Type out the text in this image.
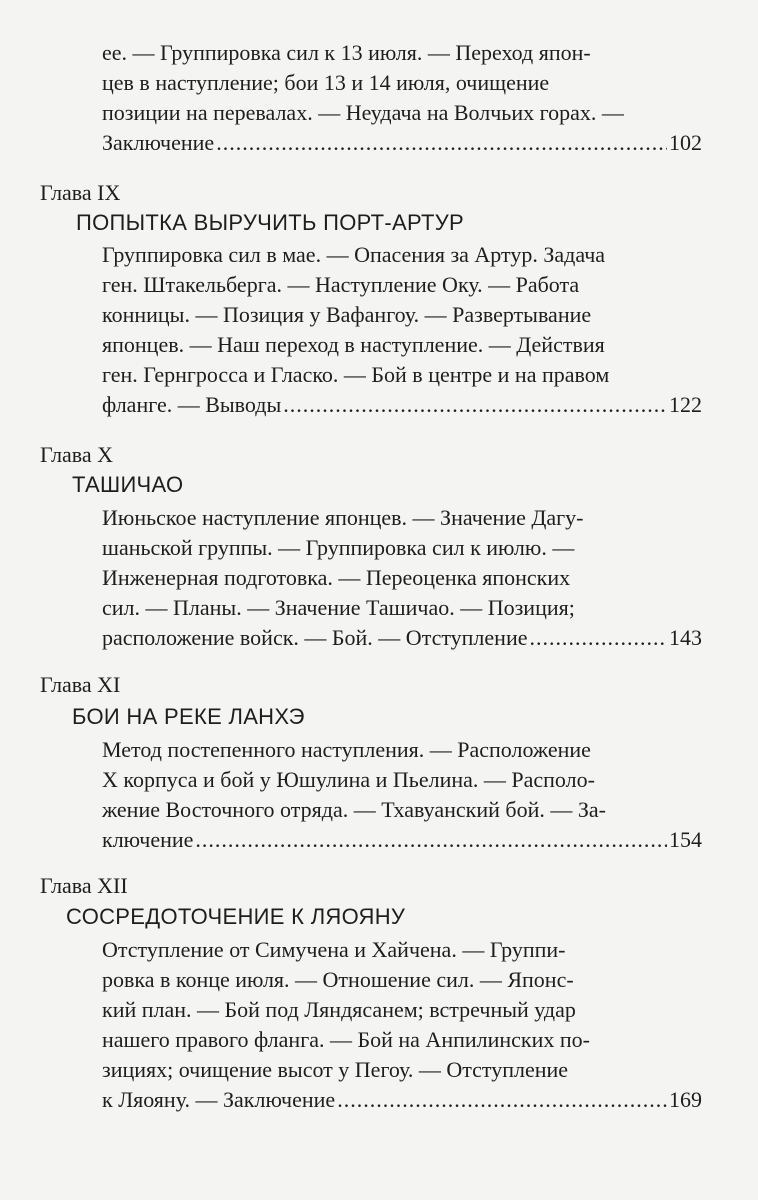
ее. — Группировка сил к 13 июля. — Переход япон-
цев в наступление; бои 13 и 14 июля, очищение
позиции на перевалах. — Неудача на Волчьих горах. —
Заключение .....	102
Глава IX
ПОПЫТКА ВЫРУЧИТЬ ПОРТ-АРТУР
Группировка сил в мае. — Опасения за Артур. Задача
ген. Штакельберга. — Наступление Оку. — Работа
конницы. — Позиция у Вафангоу. — Развертывание
японцев. — Наш переход в наступление. — Действия
ген. Гернгросса и Гласко. — Бой в центре и на правом
фланге. — Выводы .....	122
Глава X
ТАШИЧАО
Июньское наступление японцев. — Значение Дагу-
шаньской группы. — Группировка сил к июлю. —
Инженерная подготовка. — Переоценка японских
сил. — Планы. — Значение Ташичао. — Позиция;
расположение войск. — Бой. — Отступление .....	143
Глава XI
БОИ НА РЕКЕ ЛАНХЭ
Метод постепенного наступления. — Расположение
X корпуса и бой у Юшулина и Пьелина. — Располо-
жение Восточного отряда. — Тхавуанский бой. — За-
ключение .....	154
Глава XII
СОСРЕДОТОЧЕНИЕ К ЛЯОЯНУ
Отступление от Симучена и Хайчена. — Группи-
ровка в конце июля. — Отношение сил. — Японс-
кий план. — Бой под Ляндясанем; встречный удар
нашего правого фланга. — Бой на Анпилинских по-
зициях; очищение высот у Пегоу. — Отступление
к Ляояну. — Заключение .....	169
